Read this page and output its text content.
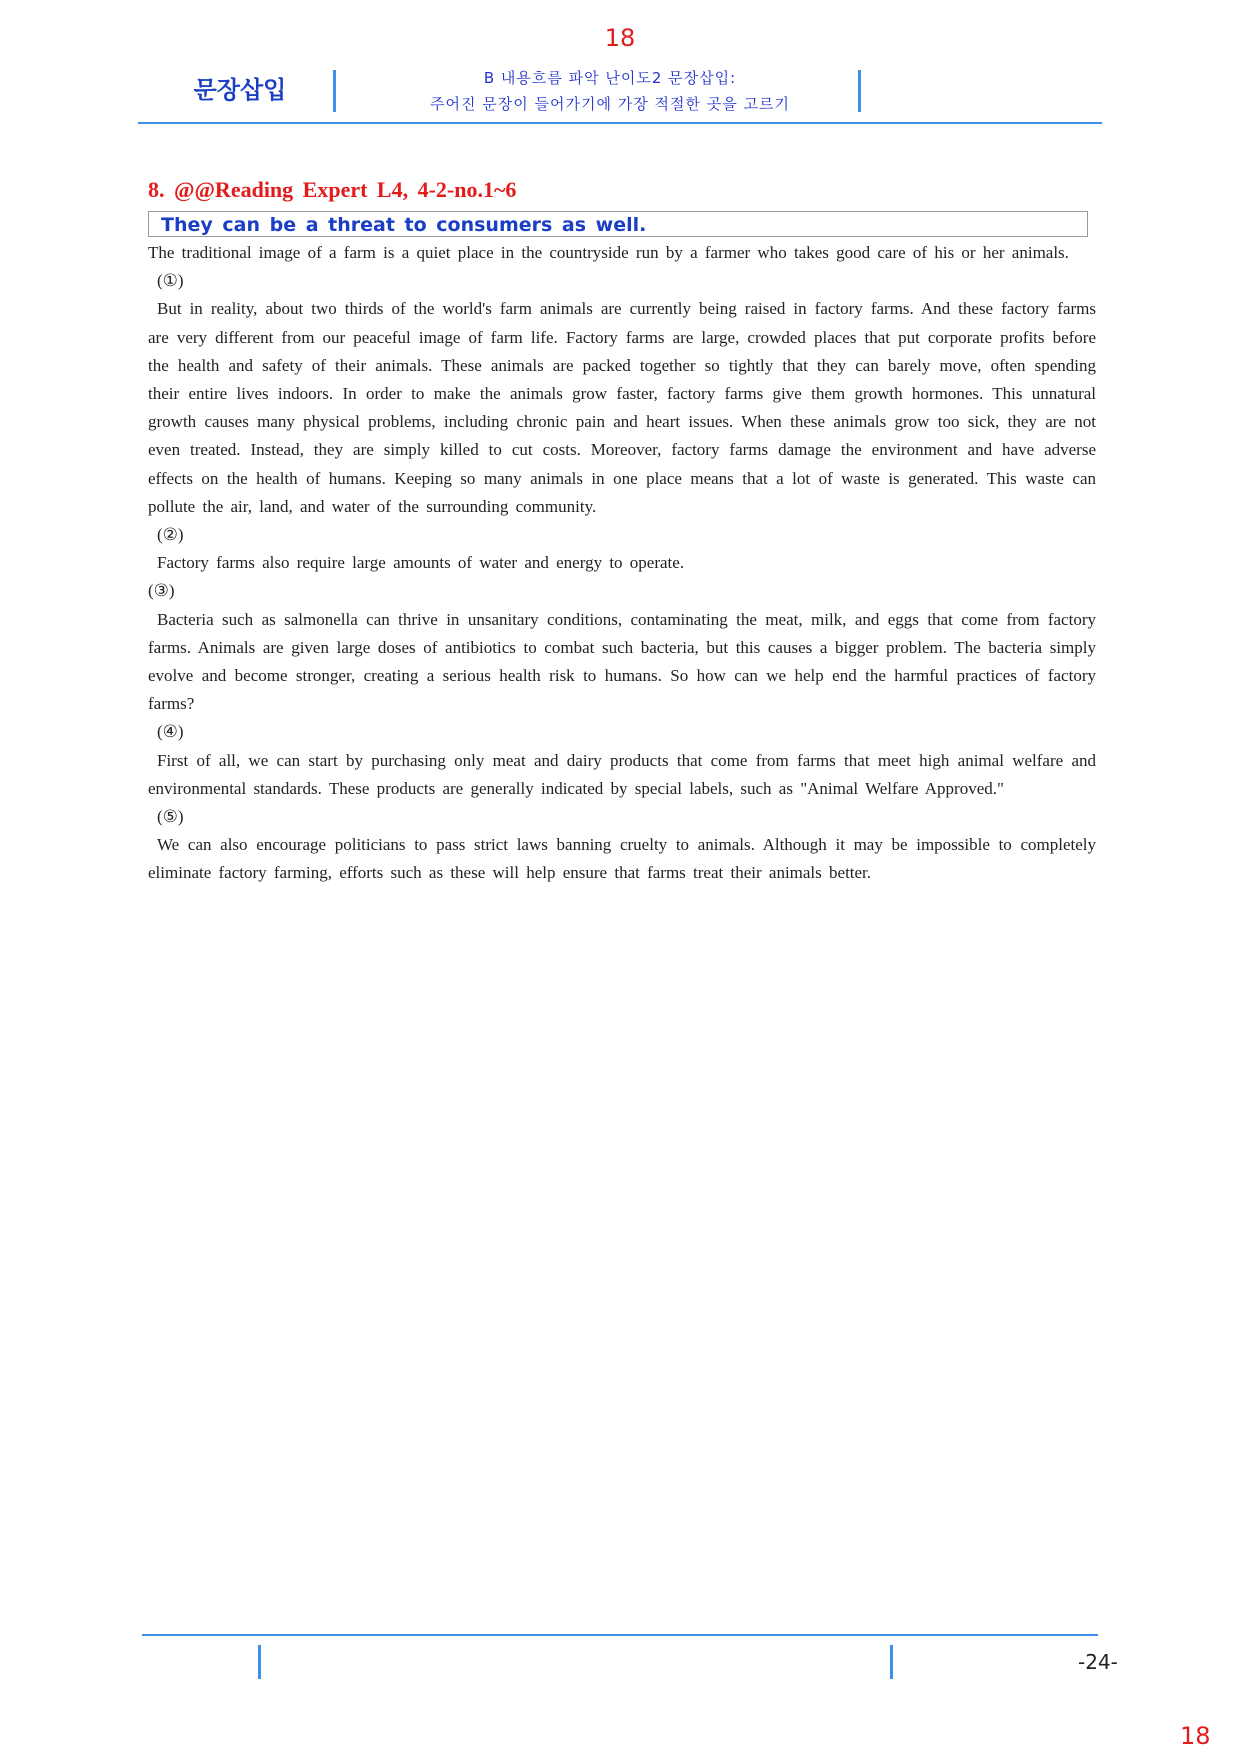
18
문장삽입	B 내용흐름 파악 난이도2 문장삽입:
주어진 문장이 들어가기에 가장 적절한 곳을 고르기
8. @@Reading Expert L4, 4-2-no.1~6
They can be a threat to consumers as well.

The traditional image of a farm is a quiet place in the countryside run by a farmer who takes good care of his or her animals.

(①)

But in reality, about two thirds of the world's farm animals are currently being raised in factory farms. And these factory farms are very different from our peaceful image of farm life. Factory farms are large, crowded places that put corporate profits before the health and safety of their animals. These animals are packed together so tightly that they can barely move, often spending their entire lives indoors. In order to make the animals grow faster, factory farms give them growth hormones. This unnatural growth causes many physical problems, including chronic pain and heart issues. When these animals grow too sick, they are not even treated. Instead, they are simply killed to cut costs. Moreover, factory farms damage the environment and have adverse effects on the health of humans. Keeping so many animals in one place means that a lot of waste is generated. This waste can pollute the air, land, and water of the surrounding community.

(②)

Factory farms also require large amounts of water and energy to operate.

(③)

Bacteria such as salmonella can thrive in unsanitary conditions, contaminating the meat, milk, and eggs that come from factory farms. Animals are given large doses of antibiotics to combat such bacteria, but this causes a bigger problem. The bacteria simply evolve and become stronger, creating a serious health risk to humans. So how can we help end the harmful practices of factory farms?

(④)

First of all, we can start by purchasing only meat and dairy products that come from farms that meet high animal welfare and environmental standards. These products are generally indicated by special labels, such as "Animal Welfare Approved."

(⑤)

We can also encourage politicians to pass strict laws banning cruelty to animals. Although it may be impossible to completely eliminate factory farming, efforts such as these will help ensure that farms treat their animals better.

-24-
18
